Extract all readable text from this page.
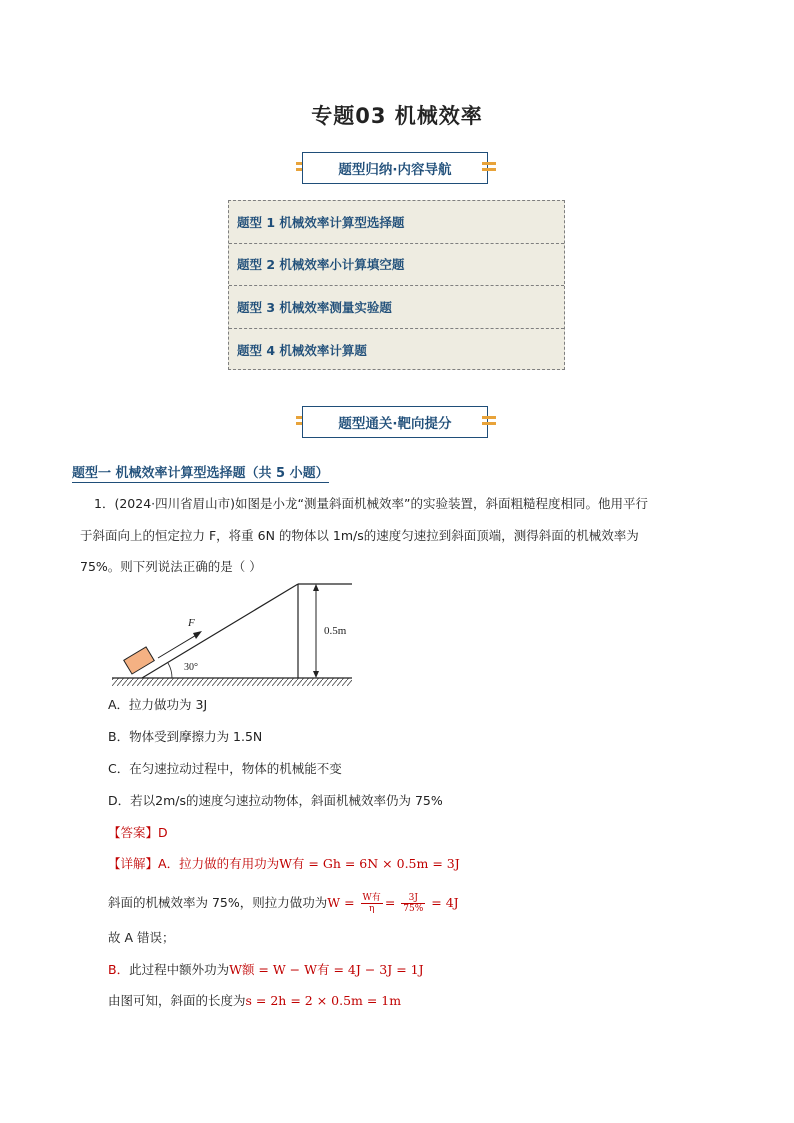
专题03 机械效率
题型归纳·内容导航
题型 1 机械效率计算型选择题
题型 2 机械效率小计算填空题
题型 3 机械效率测量实验题
题型 4 机械效率计算题
题型通关·靶向提分
题型一 机械效率计算型选择题（共 5 小题）
1．(2024·四川省眉山市)如图是小龙“测量斜面机械效率”的实验装置，斜面粗糙程度相同。他用平行
于斜面向上的恒定拉力 F，将重 6N 的物体以 1m/s的速度匀速拉到斜面顶端，测得斜面的机械效率为
75%。则下列说法正确的是（ ）
0.5m
F
30°
A．拉力做功为 3J
B．物体受到摩擦力为 1.5N
C．在匀速拉动过程中，物体的机械能不变
D．若以2m/s的速度匀速拉动物体，斜面机械效率仍为 75%
【答案】D
【详解】A．拉力做的有用功为W有 = Gh = 6N × 0.5m = 3J
斜面的机械效率为 75%，则拉力做功为$W = \frac{\text{W有}}{\eta} = \frac{3J}{75\%} = 4J$
故 A 错误；
B．此过程中额外功为W额 = W − W有 = 4J − 3J = 1J
由图可知，斜面的长度为s = 2h = 2 × 0.5m = 1m
